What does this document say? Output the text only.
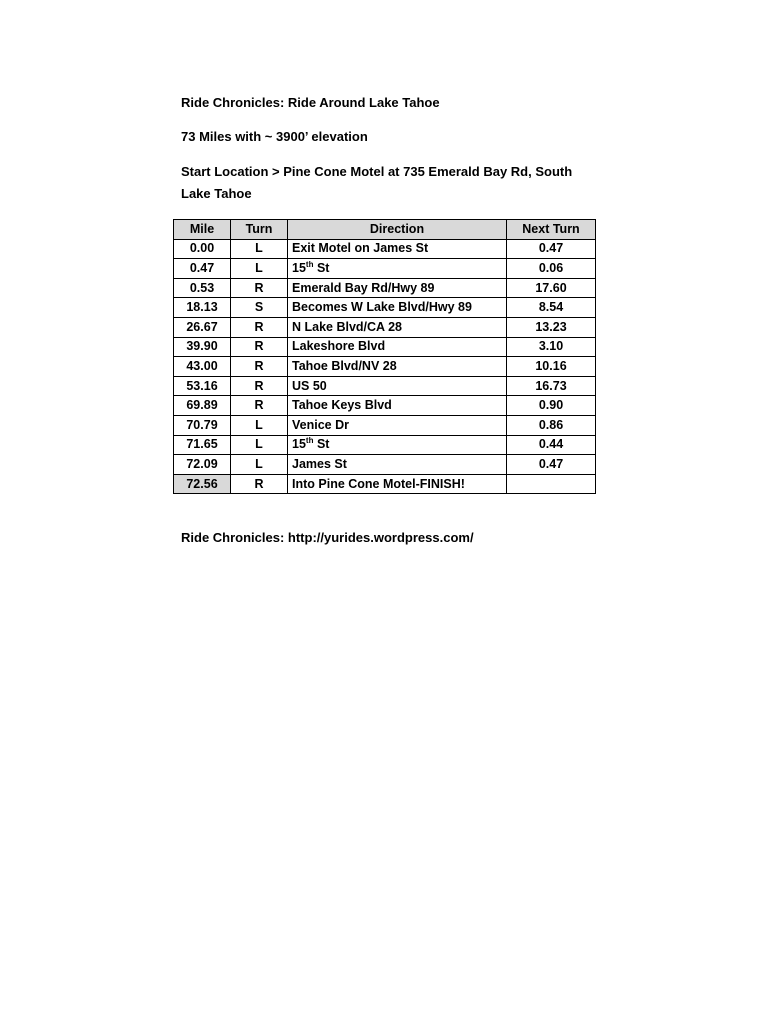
Ride Chronicles: Ride Around Lake Tahoe
73 Miles with ~ 3900’ elevation
Start Location > Pine Cone Motel at 735 Emerald Bay Rd, South Lake Tahoe
Mile	Turn	Direction	Next Turn
0.00	L	Exit Motel on James St	0.47
0.47	L	15th St	0.06
0.53	R	Emerald Bay Rd/Hwy 89	17.60
18.13	S	Becomes W Lake Blvd/Hwy 89	8.54
26.67	R	N Lake Blvd/CA 28	13.23
39.90	R	Lakeshore Blvd	3.10
43.00	R	Tahoe Blvd/NV 28	10.16
53.16	R	US 50	16.73
69.89	R	Tahoe Keys Blvd	0.90
70.79	L	Venice Dr	0.86
71.65	L	15th St	0.44
72.09	L	James St	0.47
72.56	R	Into Pine Cone Motel-FINISH!	
Ride Chronicles: http://yurides.wordpress.com/
